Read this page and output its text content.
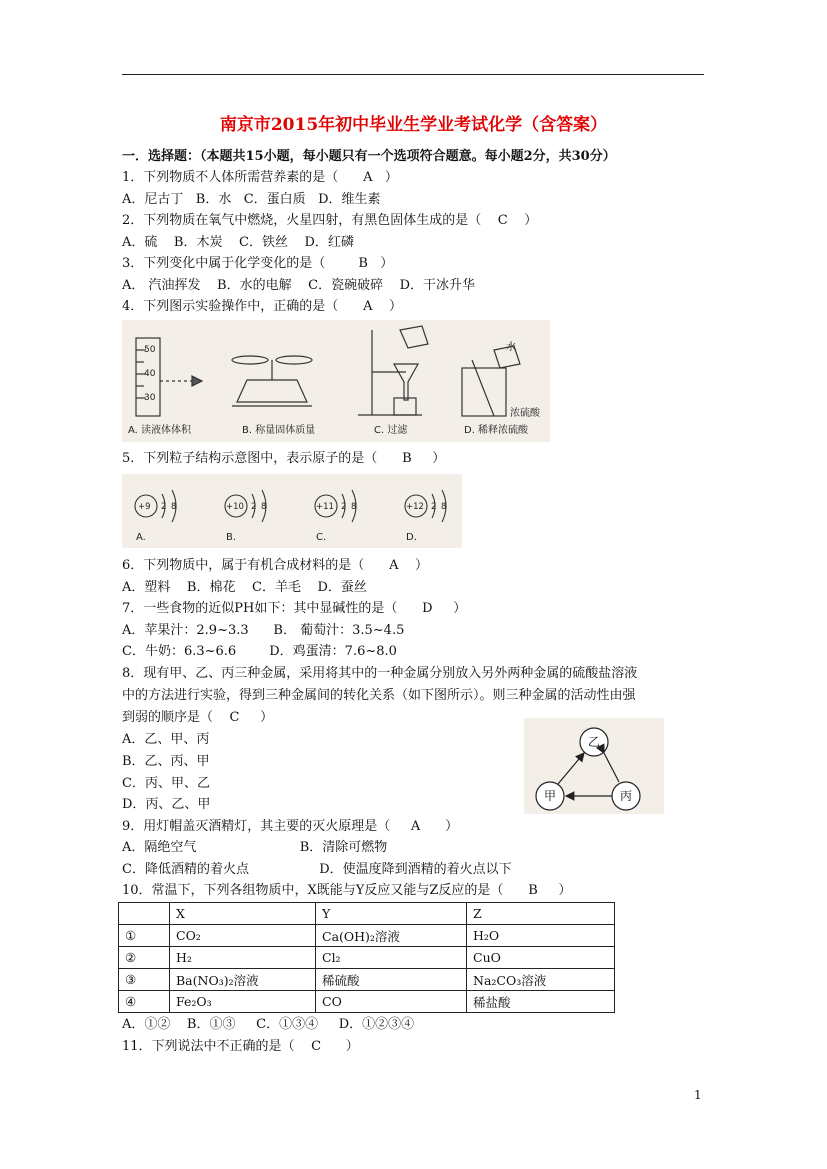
南京市2015年初中毕业生学业考试化学（含答案）
一．选择题：（本题共15小题，每小题只有一个选项符合题意。每小题2分，共30分）
1．下列物质不人体所需营养素的是（      A   ）
A．尼古丁   B．水   C．蛋白质   D．维生素
2．下列物质在氧气中燃烧，火星四射，有黑色固体生成的是（    C    ）
A．硫    B．木炭    C．铁丝    D．红磷
3．下列变化中属于化学变化的是（        B   ）
A． 汽油挥发    B．水的电解    C．瓷碗破碎    D．干冰升华
4．下列图示实验操作中，正确的是（      A    ）
50
40
30
A. 读液体体积	B. 称量固体质量	C. 过滤	D. 稀释浓硫酸
水
浓硫酸
5．下列粒子结构示意图中，表示原子的是（      B     ）
+9 2 8
A.
+10 2 8
B.
+11 2 8
C.
+12 2 8
D.
6．下列物质中，属于有机合成材料的是（      A    ）
A．塑料    B．棉花    C．羊毛    D．蚕丝
7．一些食物的近似PH如下：其中显碱性的是（      D     ）
A．苹果汁：2.9~3.3      B． 葡萄汁：3.5~4.5
C．牛奶：6.3~6.6        D．鸡蛋清：7.6~8.0
8．现有甲、乙、丙三种金属，采用将其中的一种金属分别放入另外两种金属的硫酸盐溶液
中的方法进行实验，得到三种金属间的转化关系（如下图所示）。则三种金属的活动性由强
到弱的顺序是（    C     ）
A．乙、甲、丙
B．乙、丙、甲
C．丙、甲、乙
D．丙、乙、甲
乙
甲	丙
9．用灯帽盖灭酒精灯，其主要的灭火原理是（     A      ）
A．隔绝空气                         B．清除可燃物
C．降低酒精的着火点                 D．使温度降到酒精的着火点以下
10．常温下，下列各组物质中，X既能与Y反应又能与Z反应的是（      B     ）
	X	Y	Z
①	CO₂	Ca(OH)₂溶液	H₂O
②	H₂	Cl₂	CuO
③	Ba(NO₃)₂溶液	稀硫酸	Na₂CO₃溶液
④	Fe₂O₃	CO	稀盐酸
A．①②    B．①③     C．①③④     D．①②③④
11．下列说法中不正确的是（    C      ）
1
